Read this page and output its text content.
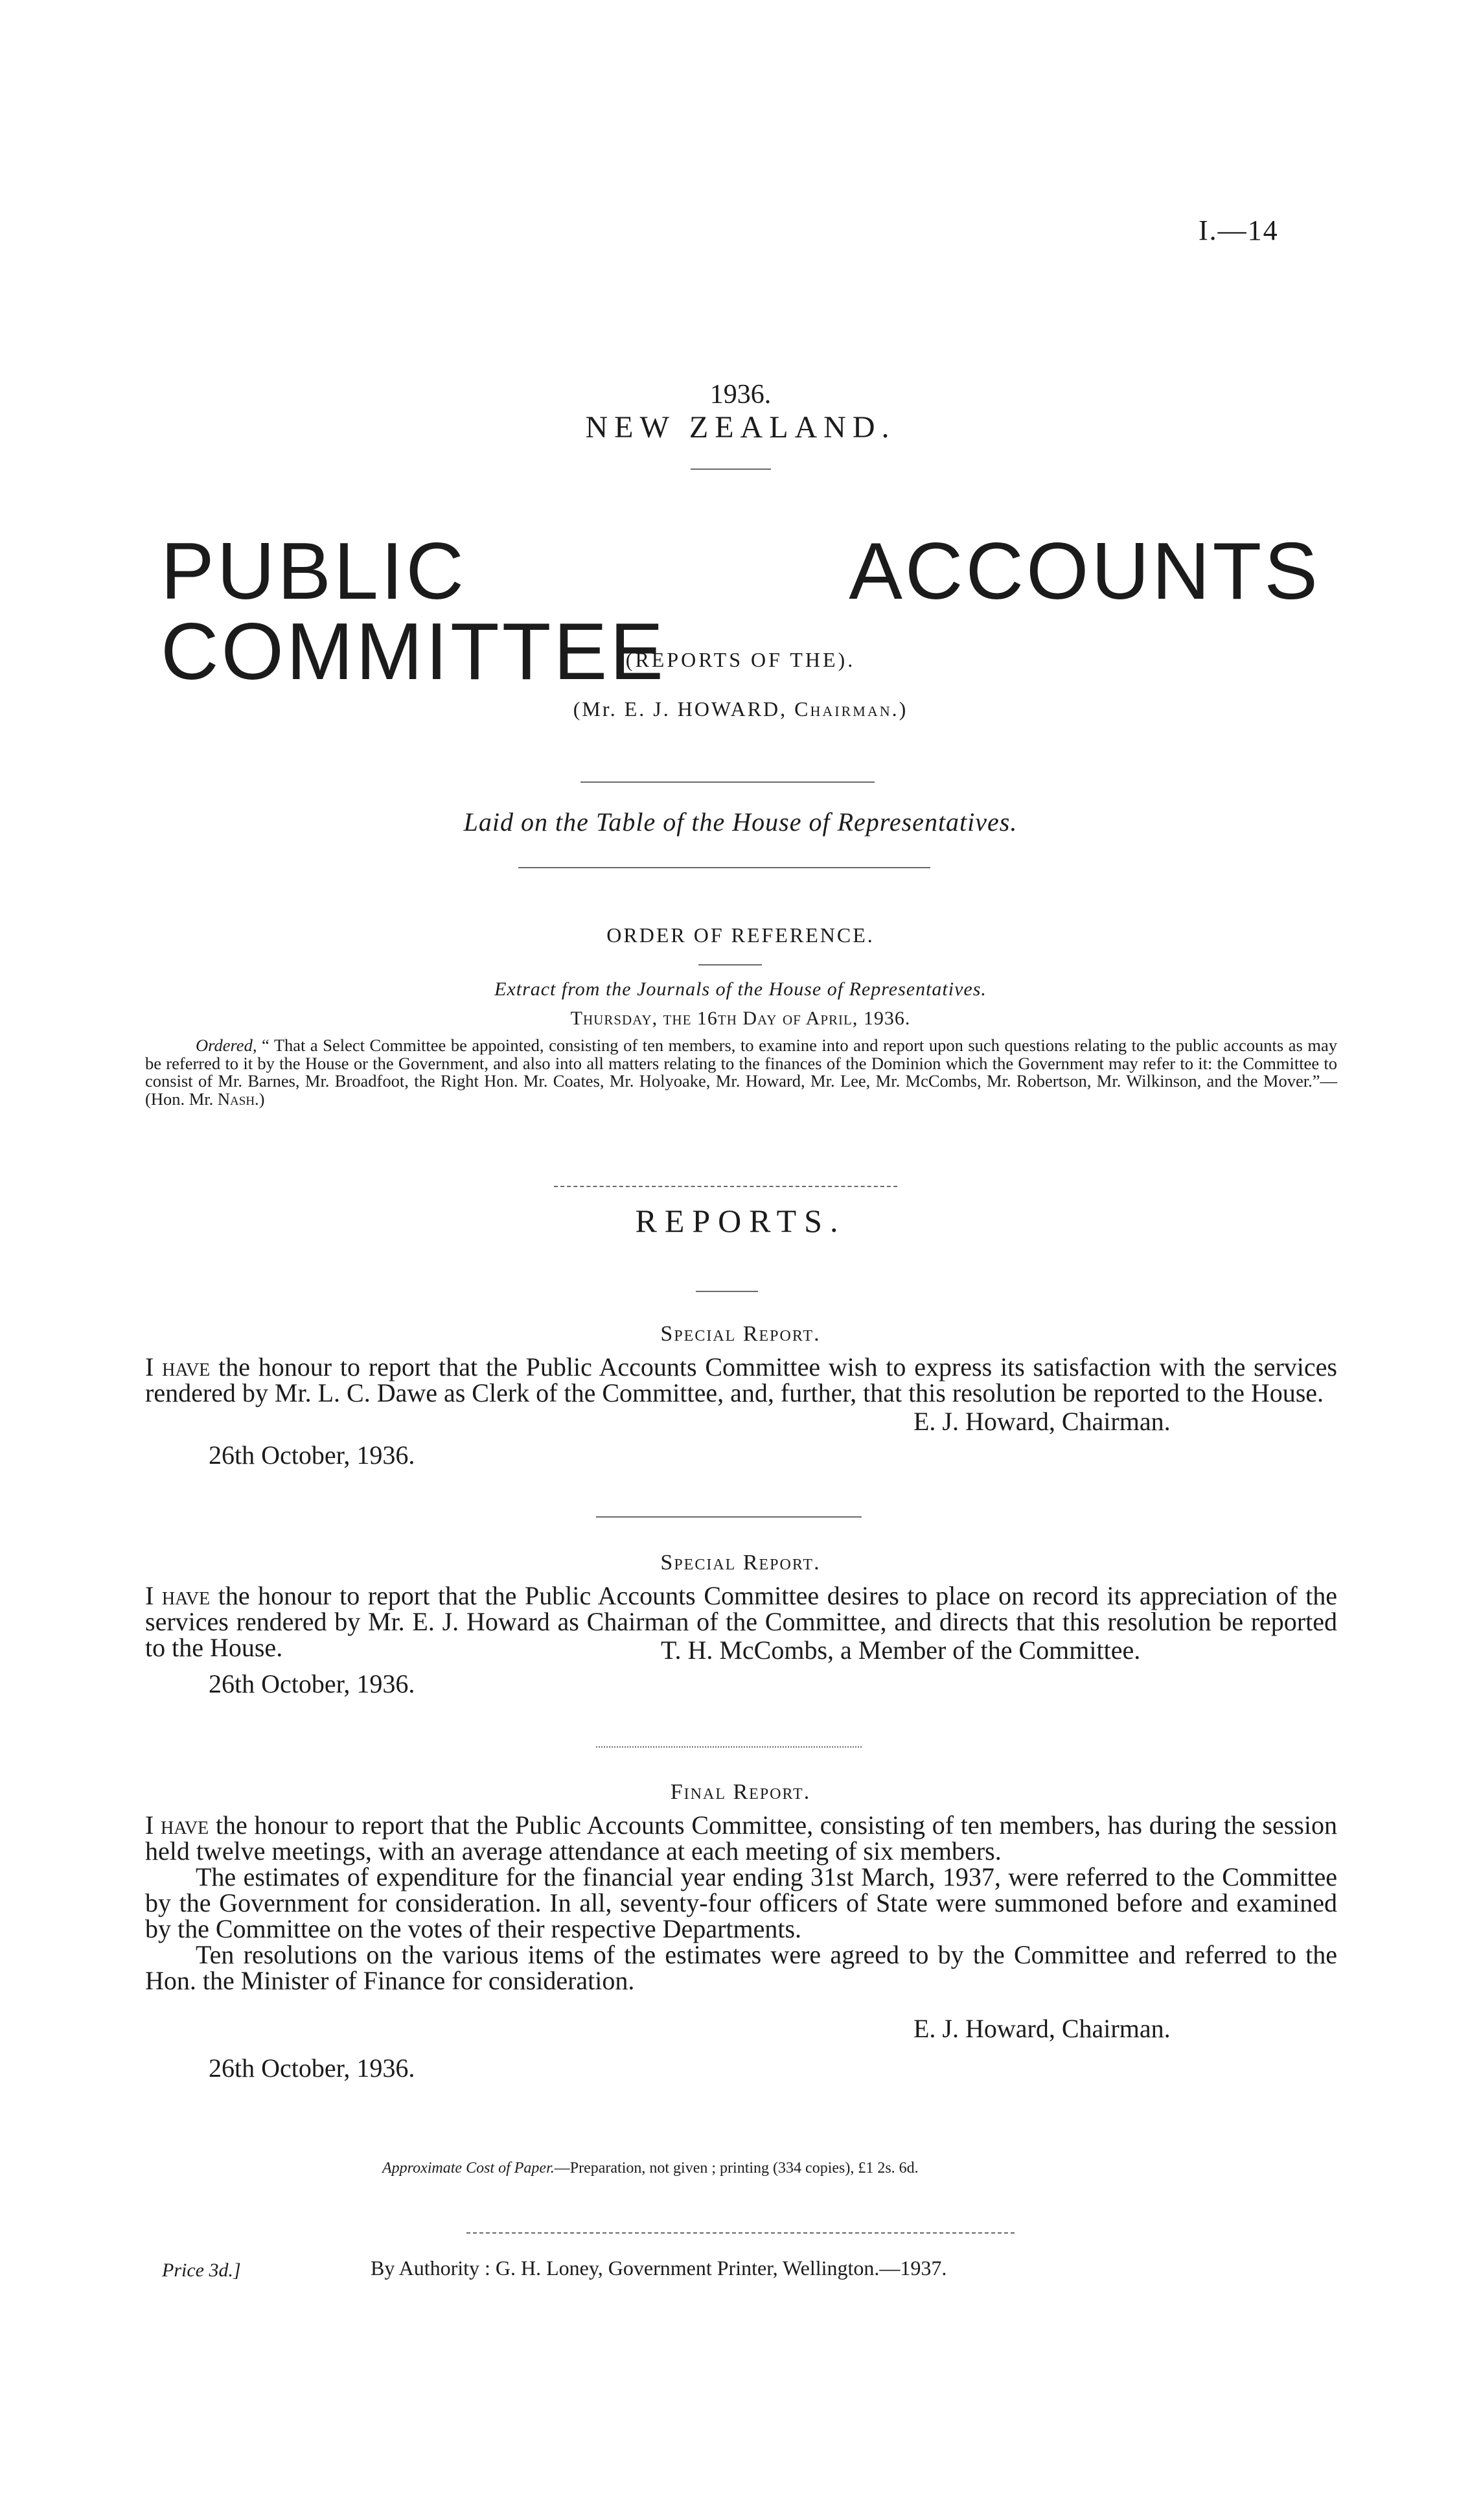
I.—14
1936.
NEW ZEALAND.
PUBLIC ACCOUNTS COMMITTEE
(REPORTS OF THE).
(Mr. E. J. HOWARD, Chairman.)
Laid on the Table of the House of Representatives.
ORDER OF REFERENCE.
Extract from the Journals of the House of Representatives.
Thursday, the 16th Day of April, 1936.
Ordered, “ That a Select Committee be appointed, consisting of ten members, to examine into and report upon such questions relating to the public accounts as may be referred to it by the House or the Government, and also into all matters relating to the finances of the Dominion which the Government may refer to it: the Committee to consist of Mr. Barnes, Mr. Broadfoot, the Right Hon. Mr. Coates, Mr. Holyoake, Mr. Howard, Mr. Lee, Mr. McCombs, Mr. Robertson, Mr. Wilkinson, and the Mover.”—(Hon. Mr. Nash.)
REPORTS.
Special Report.
I have the honour to report that the Public Accounts Committee wish to express its satisfaction with the services rendered by Mr. L. C. Dawe as Clerk of the Committee, and, further, that this resolution be reported to the House.
E. J. Howard, Chairman.
26th October, 1936.
Special Report.
I have the honour to report that the Public Accounts Committee desires to place on record its appreciation of the services rendered by Mr. E. J. Howard as Chairman of the Committee, and directs that this resolution be reported to the House.	T. H. McCombs, a Member of the Committee.
26th October, 1936.
Final Report.
I have the honour to report that the Public Accounts Committee, consisting of ten members, has during the session held twelve meetings, with an average attendance at each meeting of six members.
The estimates of expenditure for the financial year ending 31st March, 1937, were referred to the Committee by the Government for consideration. In all, seventy-four officers of State were summoned before and examined by the Committee on the votes of their respective Departments.
Ten resolutions on the various items of the estimates were agreed to by the Committee and referred to the Hon. the Minister of Finance for consideration.
E. J. Howard, Chairman.
26th October, 1936.
Approximate Cost of Paper.—Preparation, not given ; printing (334 copies), £1 2s. 6d.
Price 3d.]	By Authority : G. H. Loney, Government Printer, Wellington.—1937.
